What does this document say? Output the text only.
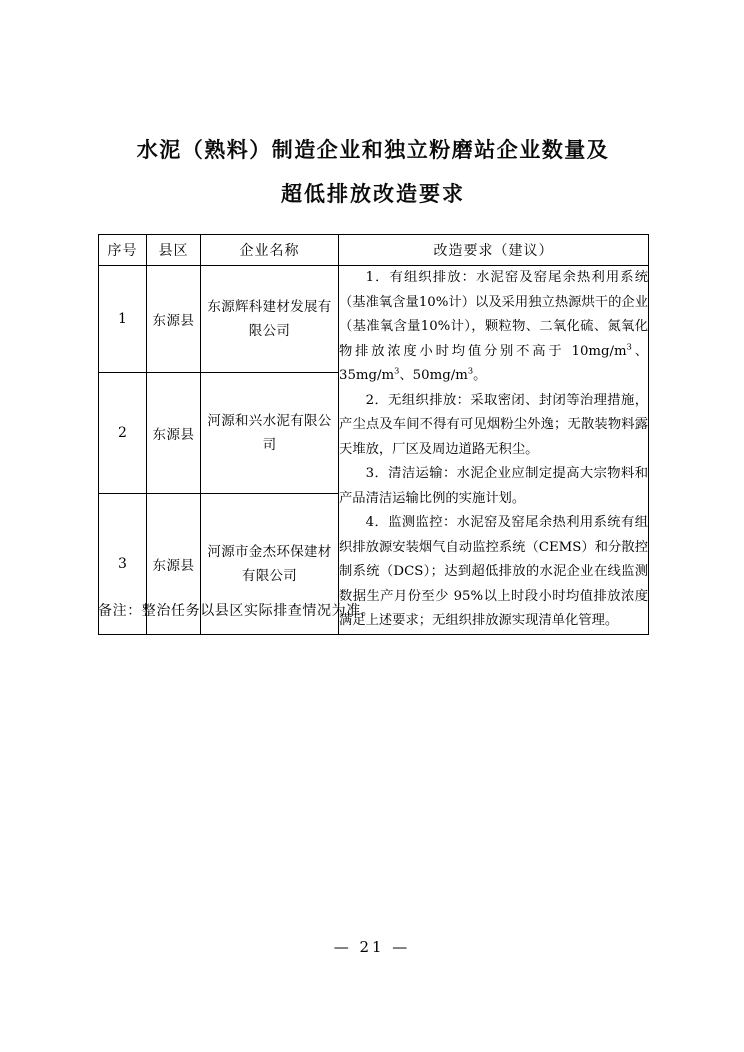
水泥（熟料）制造企业和独立粉磨站企业数量及
超低排放改造要求
序号	县区	企业名称	改造要求（建议）
1	东源县	东源辉科建材发展有限公司	1．有组织排放：水泥窑及窑尾余热利用系统（基准氧含量10%计）以及采用独立热源烘干的企业（基准氧含量10%计），颗粒物、二氧化硫、氮氧化物排放浓度小时均值分别不高于 $10mg/m^3$、$35mg/m^3$、$50mg/m^3$。

2．无组织排放：采取密闭、封闭等治理措施，产尘点及车间不得有可见烟粉尘外逸；无散装物料露天堆放，厂区及周边道路无积尘。

3．清洁运输：水泥企业应制定提高大宗物料和产品清洁运输比例的实施计划。

4．监测监控：水泥窑及窑尾余热利用系统有组织排放源安装烟气自动监控系统（CEMS）和分散控制系统（DCS）；达到超低排放的水泥企业在线监测数据生产月份至少 95%以上时段小时均值排放浓度满足上述要求；无组织排放源实现清单化管理。

2	东源县	河源和兴水泥有限公司	
3	东源县	河源市金杰环保建材有限公司	
备注：整治任务以县区实际排查情况为准。
— 21 —
